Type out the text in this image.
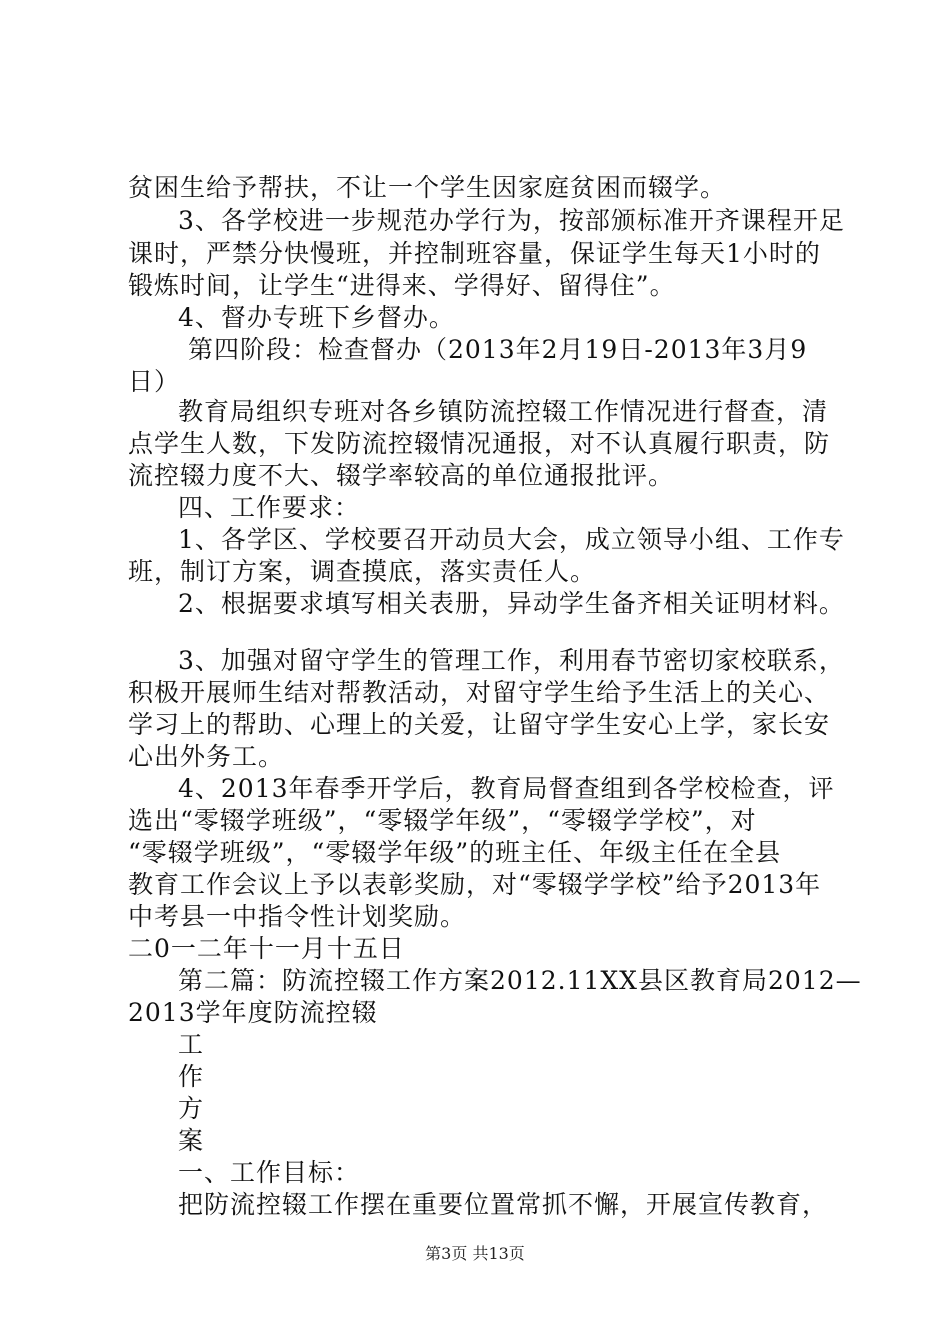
贫困生给予帮扶，不让一个学生因家庭贫困而辍学。
3、各学校进一步规范办学行为，按部颁标准开齐课程开足
课时，严禁分快慢班，并控制班容量，保证学生每天1小时的
锻炼时间，让学生“进得来、学得好、留得住”。
4、督办专班下乡督办。
第四阶段：检查督办（2013年2月19日-2013年3月9
日）
教育局组织专班对各乡镇防流控辍工作情况进行督查，清
点学生人数，下发防流控辍情况通报，对不认真履行职责，防
流控辍力度不大、辍学率较高的单位通报批评。
四、工作要求：
1、各学区、学校要召开动员大会，成立领导小组、工作专
班，制订方案，调查摸底，落实责任人。
2、根据要求填写相关表册，异动学生备齐相关证明材料。
3、加强对留守学生的管理工作，利用春节密切家校联系，
积极开展师生结对帮教活动，对留守学生给予生活上的关心、
学习上的帮助、心理上的关爱，让留守学生安心上学，家长安
心出外务工。
4、2013年春季开学后，教育局督查组到各学校检查，评
选出“零辍学班级”，“零辍学年级”，“零辍学学校”，对
“零辍学班级”，“零辍学年级”的班主任、年级主任在全县
教育工作会议上予以表彰奖励，对“零辍学学校”给予2013年
中考县一中指令性计划奖励。
二0一二年十一月十五日
第二篇：防流控辍工作方案2012.11XX县区教育局2012—
2013学年度防流控辍
工
作
方
案
一、工作目标：
把防流控辍工作摆在重要位置常抓不懈，开展宣传教育，
第3页 共13页
